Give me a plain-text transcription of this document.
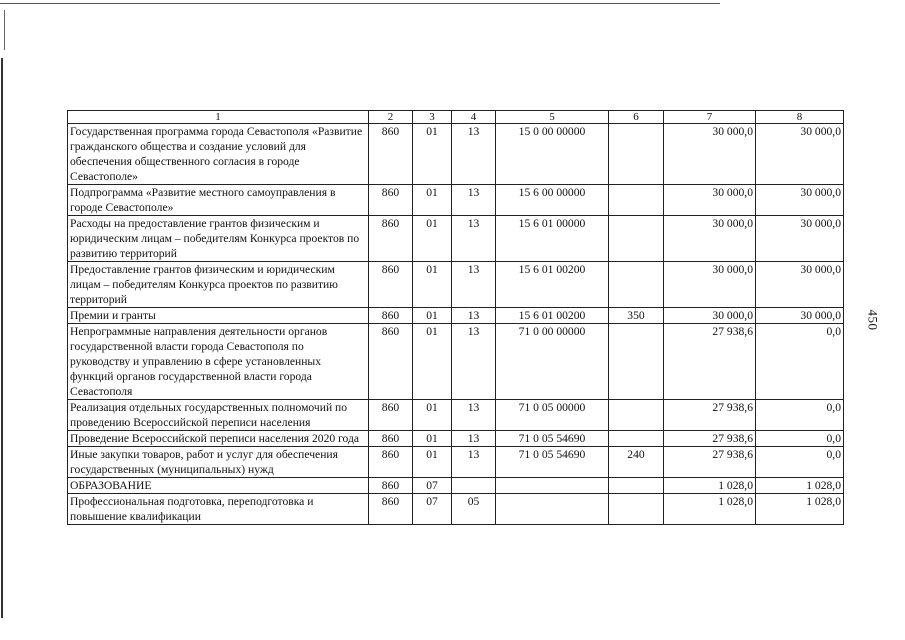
450
1	2	3	4	5	6	7	8
Государственная программа города Севастополя «Развитие гражданского общества и создание условий для обеспечения общественного согласия в городе Севастополе»	860	01	13	15 0 00 00000		30 000,0	30 000,0
Подпрограмма «Развитие местного самоуправления в городе Севастополе»	860	01	13	15 6 00 00000		30 000,0	30 000,0
Расходы на предоставление грантов физическим и юридическим лицам – победителям Конкурса проектов по развитию территорий	860	01	13	15 6 01 00000		30 000,0	30 000,0
Предоставление грантов физическим и юридическим лицам – победителям Конкурса проектов по развитию территорий	860	01	13	15 6 01 00200		30 000,0	30 000,0
Премии и гранты	860	01	13	15 6 01 00200	350	30 000,0	30 000,0
Непрограммные направления деятельности органов государственной власти города Севастополя по руководству и управлению в сфере установленных функций органов государственной власти города Севастополя	860	01	13	71 0 00 00000		27 938,6	0,0
Реализация отдельных государственных полномочий по проведению Всероссийской переписи населения	860	01	13	71 0 05 00000		27 938,6	0,0
Проведение Всероссийской переписи населения 2020 года	860	01	13	71 0 05 54690		27 938,6	0,0
Иные закупки товаров, работ и услуг для обеспечения государственных (муниципальных) нужд	860	01	13	71 0 05 54690	240	27 938,6	0,0
ОБРАЗОВАНИЕ	860	07				1 028,0	1 028,0
Профессиональная подготовка, переподготовка и повышение квалификации	860	07	05			1 028,0	1 028,0
